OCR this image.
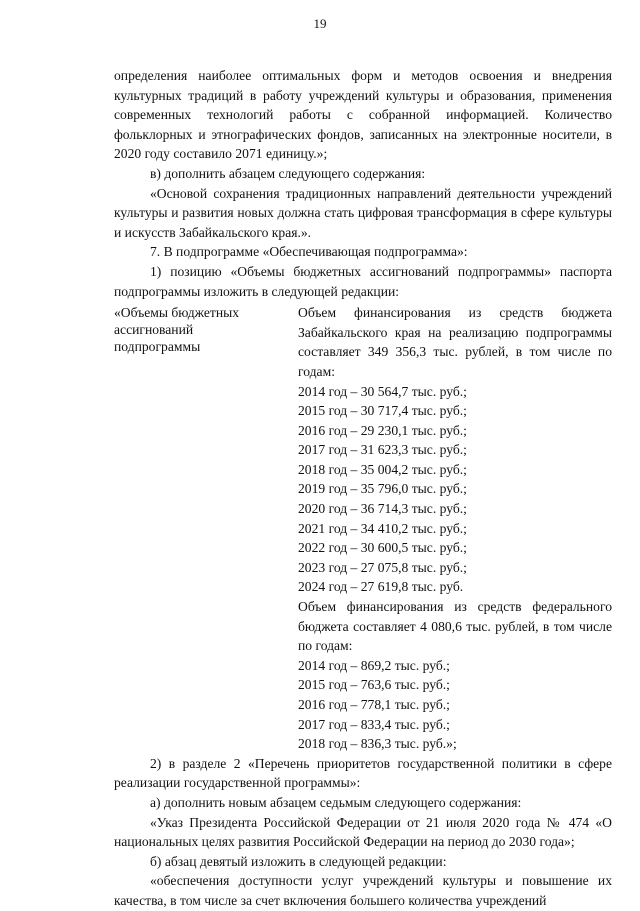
19

определения наиболее оптимальных форм и методов освоения и внедрения культурных традиций в работу учреждений культуры и образования, применения современных технологий работы с собранной информацией. Количество фольклорных и этнографических фондов, записанных на электронные носители, в 2020 году составило 2071 единицу.»;

в) дополнить абзацем следующего содержания:

«Основой сохранения традиционных направлений деятельности учреждений культуры и развития новых должна стать цифровая трансформация в сфере культуры и искусств Забайкальского края.».

7. В подпрограмме «Обеспечивающая подпрограмма»:

1) позицию «Объемы бюджетных ассигнований подпрограммы» паспорта подпрограммы изложить в следующей редакции:

«Объемы бюджетных
ассигнований
подпрограммы

Объем финансирования из средств бюджета Забайкальского края на реализацию подпрограммы составляет 349 356,3 тыс. рублей, в том числе по годам:

2014 год – 30 564,7 тыс. руб.;
2015 год – 30 717,4 тыс. руб.;
2016 год – 29 230,1 тыс. руб.;
2017 год – 31 623,3 тыс. руб.;
2018 год – 35 004,2 тыс. руб.;
2019 год – 35 796,0 тыс. руб.;
2020 год – 36 714,3 тыс. руб.;
2021 год – 34 410,2 тыс. руб.;
2022 год – 30 600,5 тыс. руб.;
2023 год – 27 075,8 тыс. руб.;
2024 год – 27 619,8 тыс. руб.

Объем финансирования из средств федерального бюджета составляет 4 080,6 тыс. рублей, в том числе по годам:

2014 год – 869,2 тыс. руб.;
2015 год – 763,6 тыс. руб.;
2016 год – 778,1 тыс. руб.;
2017 год – 833,4 тыс. руб.;
2018 год – 836,3 тыс. руб.»;

2) в разделе 2 «Перечень приоритетов государственной политики в сфере реализации государственной программы»:

а) дополнить новым абзацем седьмым следующего содержания:

«Указ Президента Российской Федерации от 21 июля 2020 года № 474 «О национальных целях развития Российской Федерации на период до 2030 года»;

б) абзац девятый изложить в следующей редакции:

«обеспечения доступности услуг учреждений культуры и повышение их качества, в том числе за счет включения большего количества учреждений
